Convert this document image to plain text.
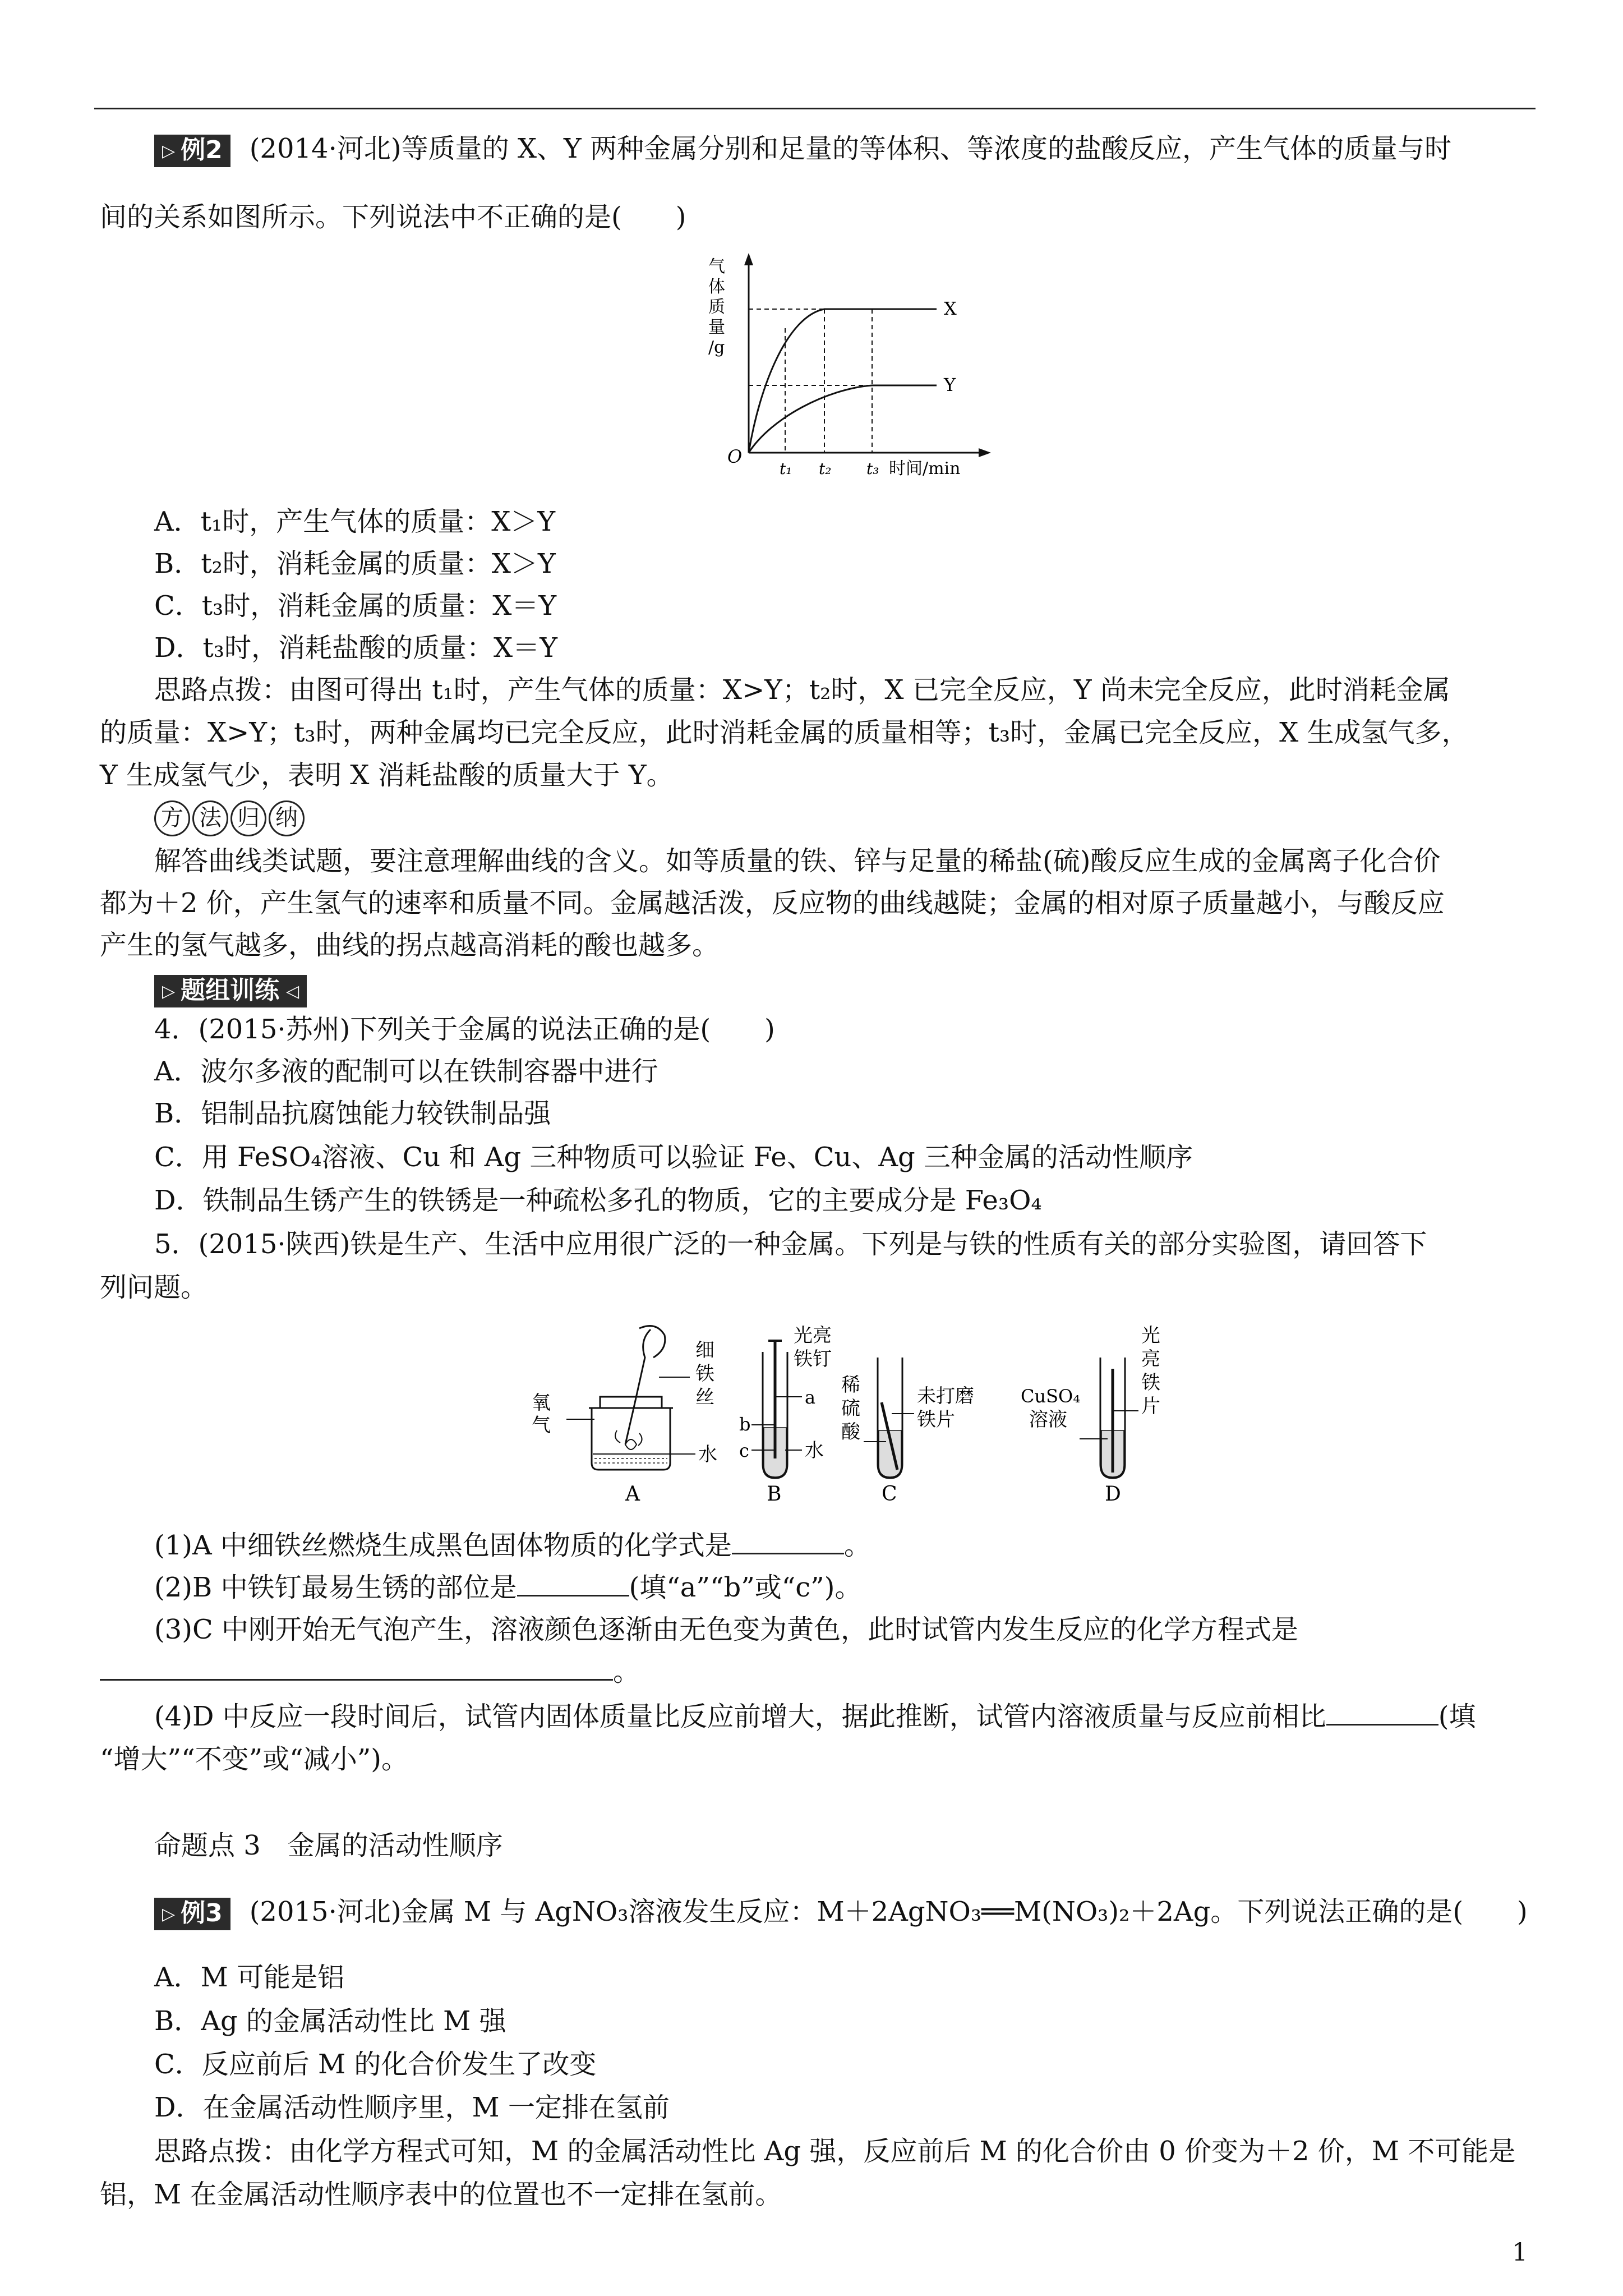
▷ 例2 (2014·河北)等质量的 X、Y 两种金属分别和足量的等体积、等浓度的盐酸反应，产生气体的质量与时
间的关系如图所示。下列说法中不正确的是(　　)
气
体
质
量
/g
X
Y
O
t₁ t₂ t₃ 时间/min
A．t₁时，产生气体的质量：X＞Y
B．t₂时，消耗金属的质量：X＞Y
C．t₃时，消耗金属的质量：X＝Y
D．t₃时，消耗盐酸的质量：X＝Y
思路点拨：由图可得出 t₁时，产生气体的质量：X>Y；t₂时，X 已完全反应，Y 尚未完全反应，此时消耗金属
的质量：X>Y；t₃时，两种金属均已完全反应，此时消耗金属的质量相等；t₃时，金属已完全反应，X 生成氢气多，
Y 生成氢气少，表明 X 消耗盐酸的质量大于 Y。
方 法 归 纳
解答曲线类试题，要注意理解曲线的含义。如等质量的铁、锌与足量的稀盐(硫)酸反应生成的金属离子化合价
都为＋2 价，产生氢气的速率和质量不同。金属越活泼，反应物的曲线越陡；金属的相对原子质量越小，与酸反应
产生的氢气越多，曲线的拐点越高消耗的酸也越多。
▷ 题组训练 ◁
4．(2015·苏州)下列关于金属的说法正确的是(　　)
A．波尔多液的配制可以在铁制容器中进行
B．铝制品抗腐蚀能力较铁制品强
C．用 FeSO₄溶液、Cu 和 Ag 三种物质可以验证 Fe、Cu、Ag 三种金属的活动性顺序
D．铁制品生锈产生的铁锈是一种疏松多孔的物质，它的主要成分是 Fe₃O₄
5．(2015·陕西)铁是生产、生活中应用很广泛的一种金属。下列是与铁的性质有关的部分实验图，请回答下
列问题。
氧
气
细
铁
丝
水
A
光亮
铁钉
a
b
c	水
B
稀
硫
酸
未打磨
铁片
C
CuSO₄
溶液
光
亮
铁
片
D
(1)A 中细铁丝燃烧生成黑色固体物质的化学式是	。
(2)B 中铁钉最易生锈的部位是	(填“a”“b”或“c”)。
(3)C 中刚开始无气泡产生，溶液颜色逐渐由无色变为黄色，此时试管内发生反应的化学方程式是
。
(4)D 中反应一段时间后，试管内固体质量比反应前增大，据此推断，试管内溶液质量与反应前相比	(填
“增大”“不变”或“减小”)。
命题点 3　金属的活动性顺序
▷ 例3 (2015·河北)金属 M 与 AgNO₃溶液发生反应：M＋2AgNO₃══M(NO₃)₂＋2Ag。下列说法正确的是(　　)
A．M 可能是铝
B．Ag 的金属活动性比 M 强
C．反应前后 M 的化合价发生了改变
D．在金属活动性顺序里，M 一定排在氢前
思路点拨：由化学方程式可知，M 的金属活动性比 Ag 强，反应前后 M 的化合价由 0 价变为＋2 价，M 不可能是
铝，M 在金属活动性顺序表中的位置也不一定排在氢前。
1
